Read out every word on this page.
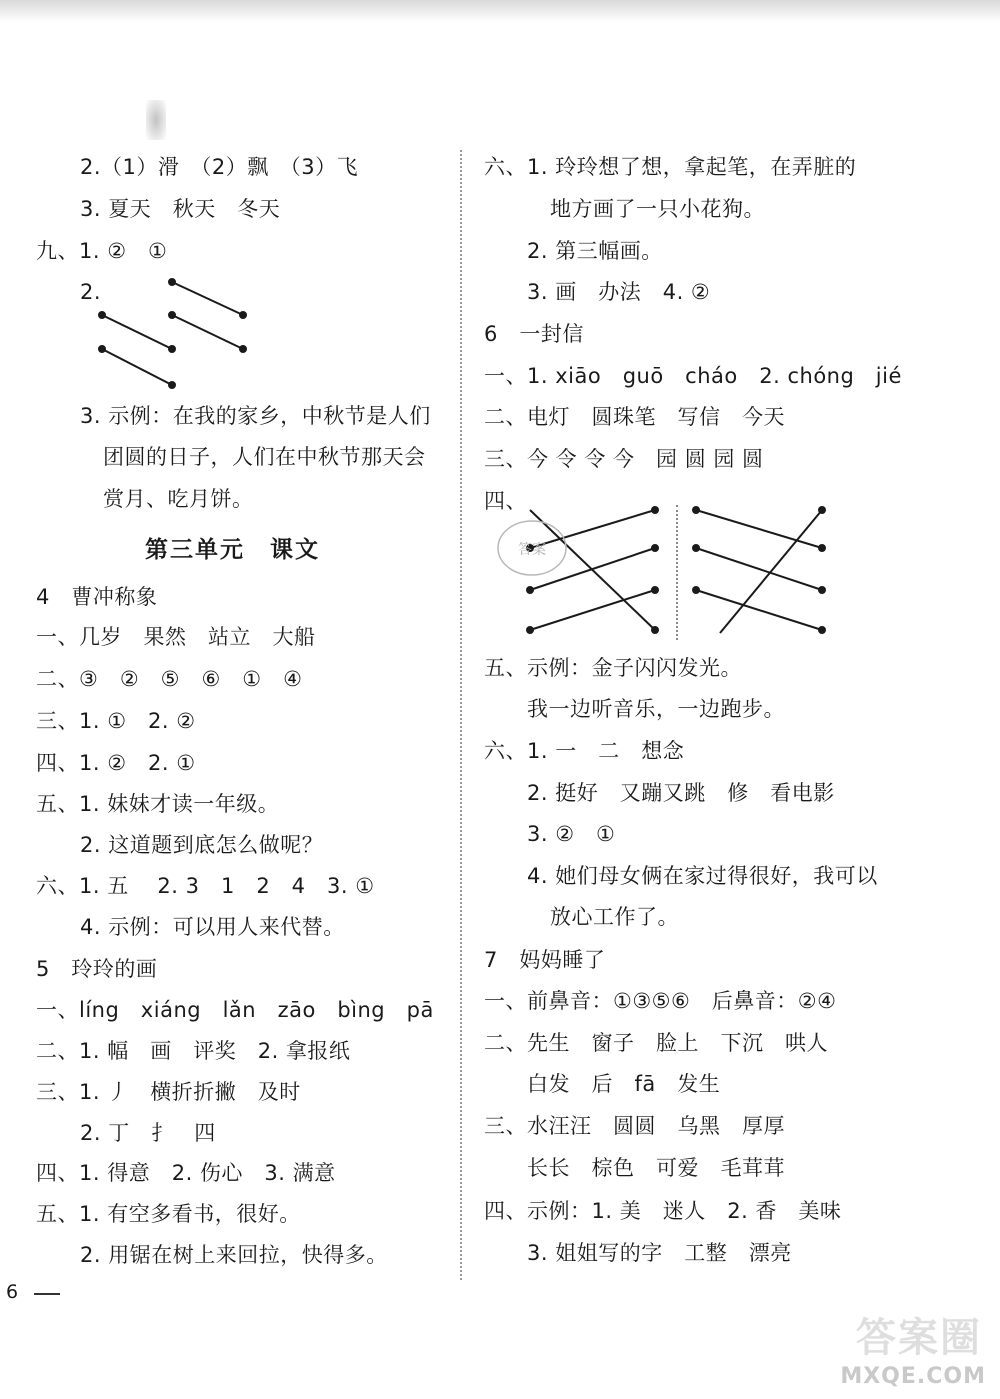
2.（1）滑　（2）飘　（3）飞
3. 夏天　秋天　冬天
九、1. ②　①
2.
3. 示例：在我的家乡，中秋节是人们
团圆的日子，人们在中秋节那天会
赏月、吃月饼。
第三单元　课文
4　曹冲称象
一、几岁　果然　站立　大船
二、③　②　⑤　⑥　①　④
三、1. ①　2. ②
四、1. ②　2. ①
五、1. 妹妹才读一年级。
2. 这道题到底怎么做呢？
六、1. 五　 2. 3　1　2　4　3. ①
4. 示例：可以用人来代替。
5　玲玲的画
一、líng　xiáng　lǎn　zāo　bìng　pā
二、1. 幅　画　评奖　2. 拿报纸
三、1. 丿　横折折撇　及时
2. 丁　扌　四
四、1. 得意　2. 伤心　3. 满意
五、1. 有空多看书，很好。
2. 用锯在树上来回拉，快得多。
六、1. 玲玲想了想，拿起笔，在弄脏的
地方画了一只小花狗。
2. 第三幅画。
3. 画　办法　4. ②
6　一封信
一、1. xiāo　guō　cháo　2. chóng　jié
二、电灯　圆珠笔　写信　今天
三、今 令 令 今　园 圆 园 圆
四、
答案
五、示例：金子闪闪发光。
我一边听音乐，一边跑步。
六、1. 一　二　想念
2. 挺好　又蹦又跳　修　看电影
3. ②　①
4. 她们母女俩在家过得很好，我可以
放心工作了。
7　妈妈睡了
一、前鼻音：①③⑤⑥　后鼻音：②④
二、先生　窗子　脸上　下沉　哄人
白发　后　fā　发生
三、水汪汪　圆圆　乌黑　厚厚
长长　棕色　可爱　毛茸茸
四、示例：1. 美　迷人　2. 香　美味
3. 姐姐写的字　工整　漂亮
6
答案圈
MXQE.COM
